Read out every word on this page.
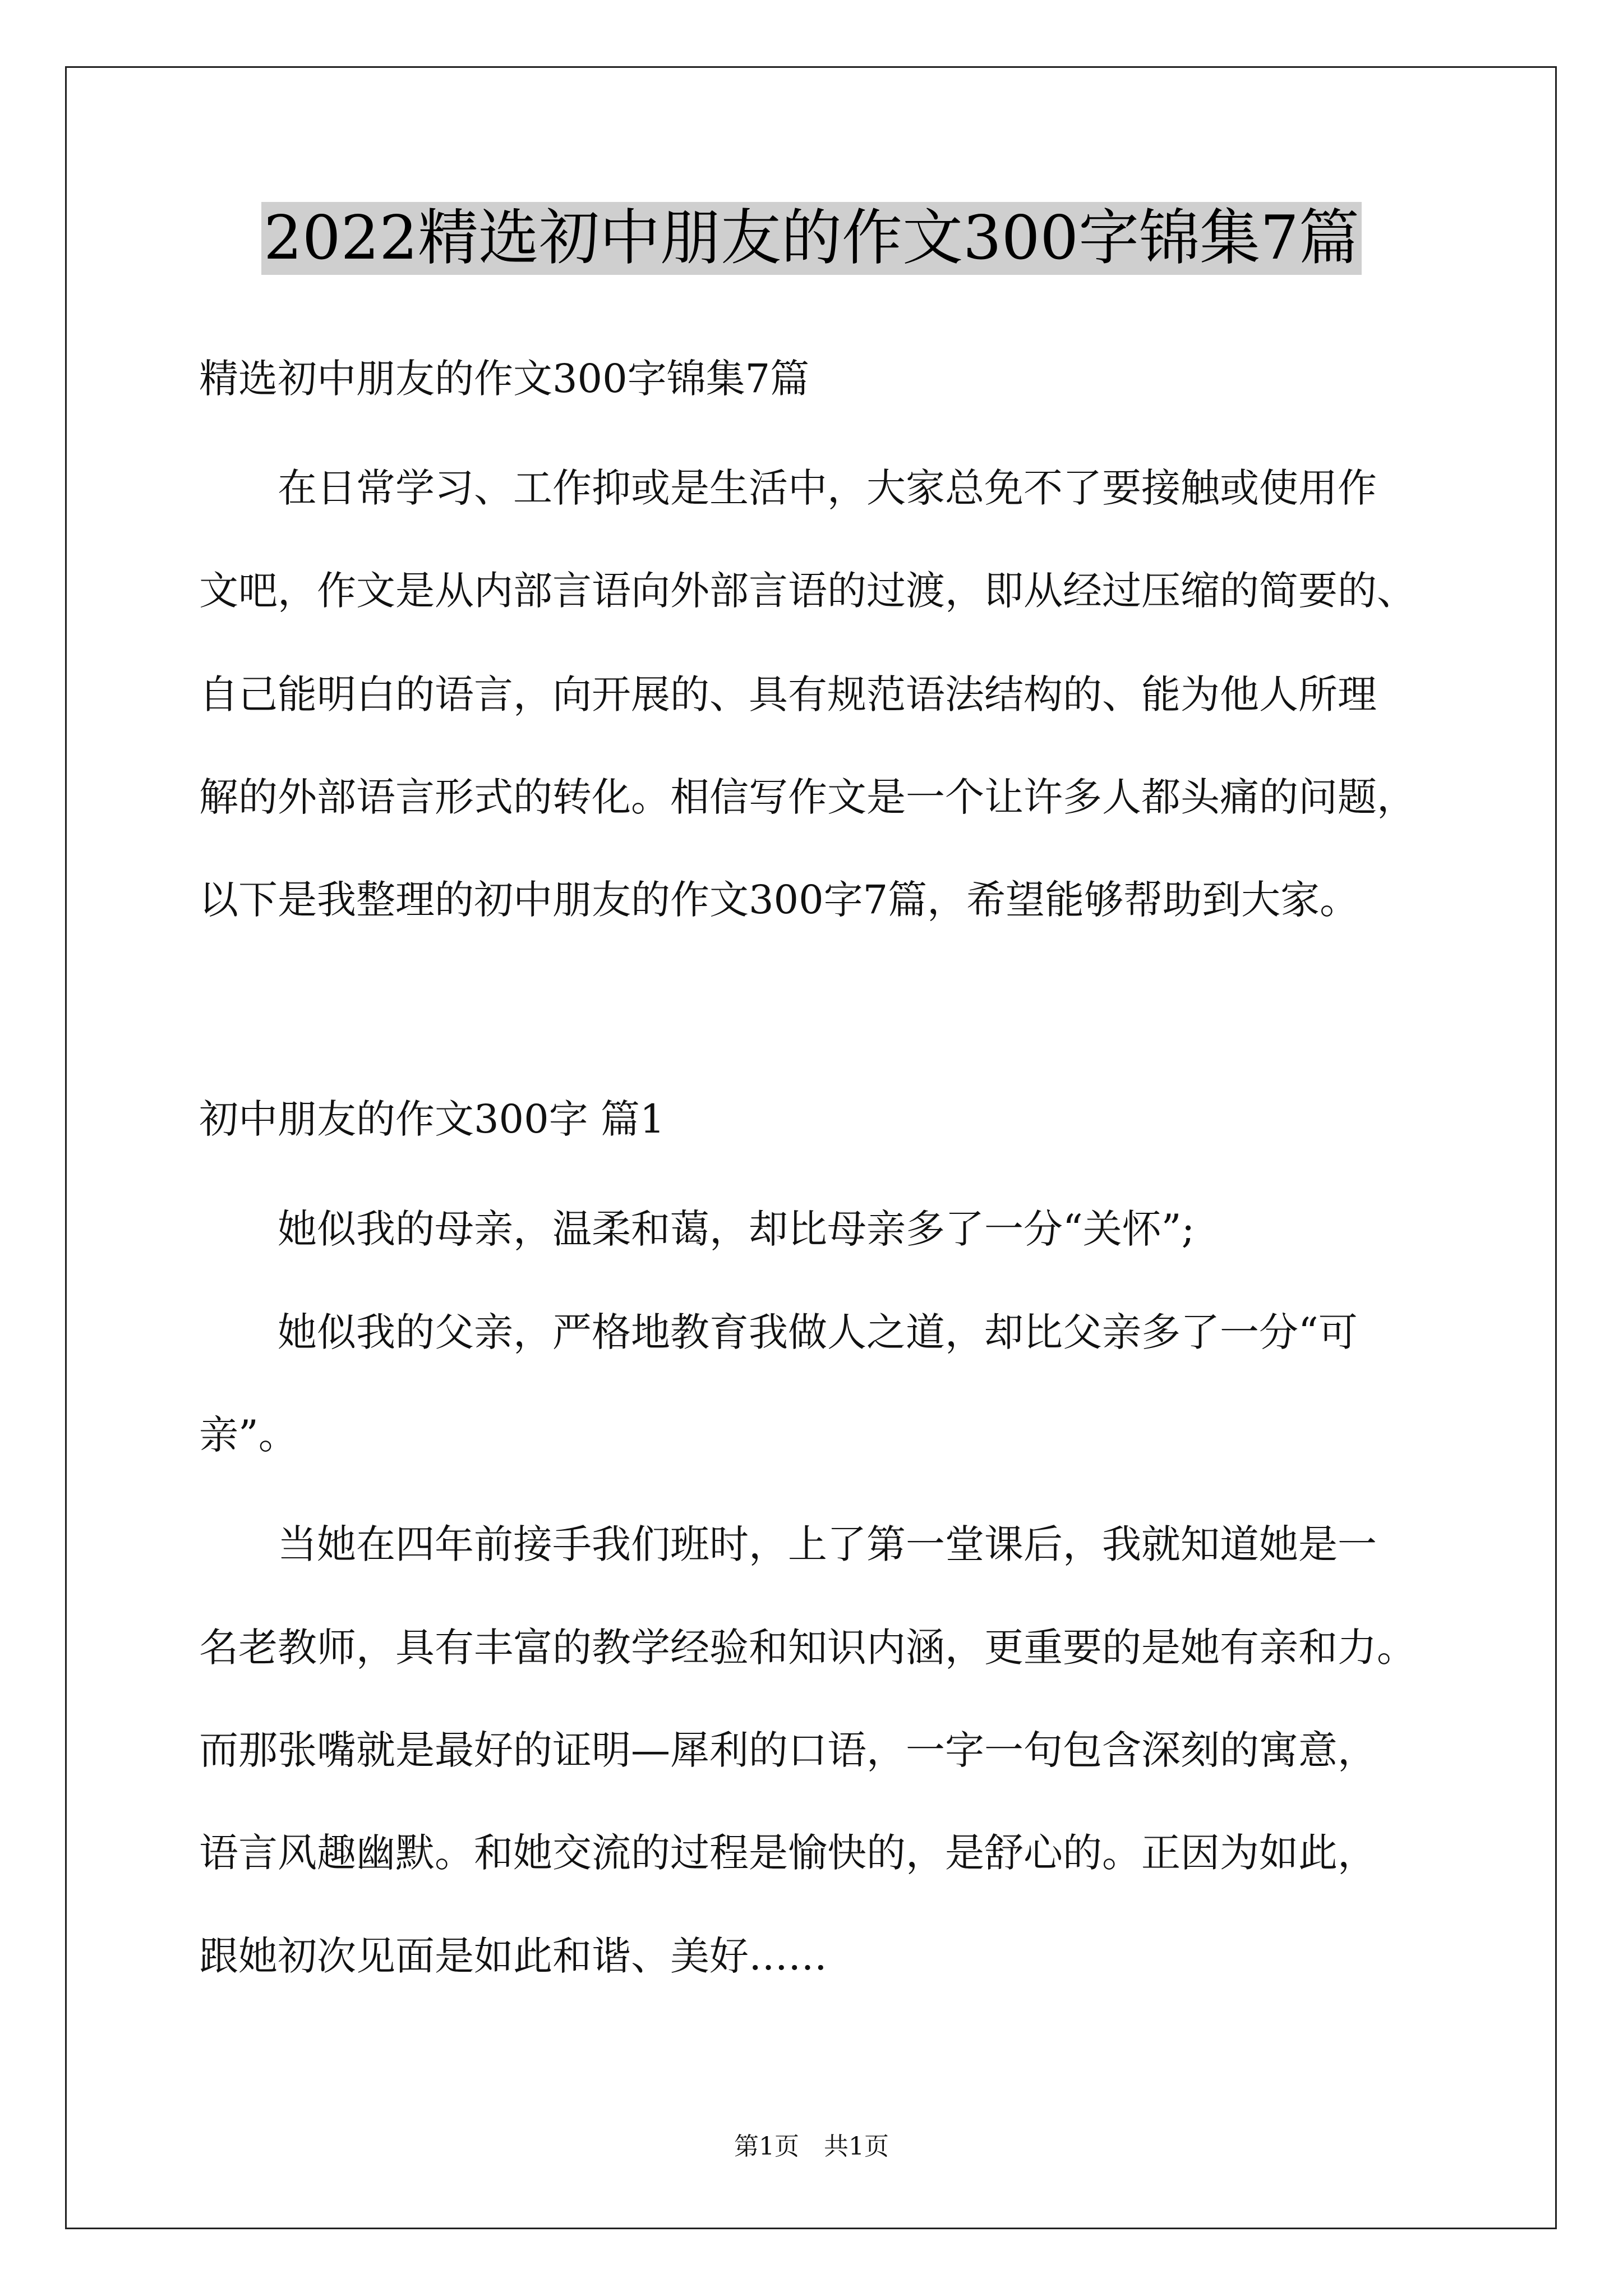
2022精选初中朋友的作文300字锦集7篇
精选初中朋友的作文300字锦集7篇
　　在日常学习、工作抑或是生活中，大家总免不了要接触或使用作
文吧，作文是从内部言语向外部言语的过渡，即从经过压缩的简要的、
自己能明白的语言，向开展的、具有规范语法结构的、能为他人所理
解的外部语言形式的转化。相信写作文是一个让许多人都头痛的问题，
以下是我整理的初中朋友的作文300字7篇，希望能够帮助到大家。
初中朋友的作文300字 篇1
　　她似我的母亲，温柔和蔼，却比母亲多了一分“关怀”;
　　她似我的父亲，严格地教育我做人之道，却比父亲多了一分“可
亲”。
　　当她在四年前接手我们班时，上了第一堂课后，我就知道她是一
名老教师，具有丰富的教学经验和知识内涵，更重要的是她有亲和力。
而那张嘴就是最好的证明—犀利的口语，一字一句包含深刻的寓意，
语言风趣幽默。和她交流的过程是愉快的，是舒心的。正因为如此，
跟她初次见面是如此和谐、美好……
第1页　共1页
